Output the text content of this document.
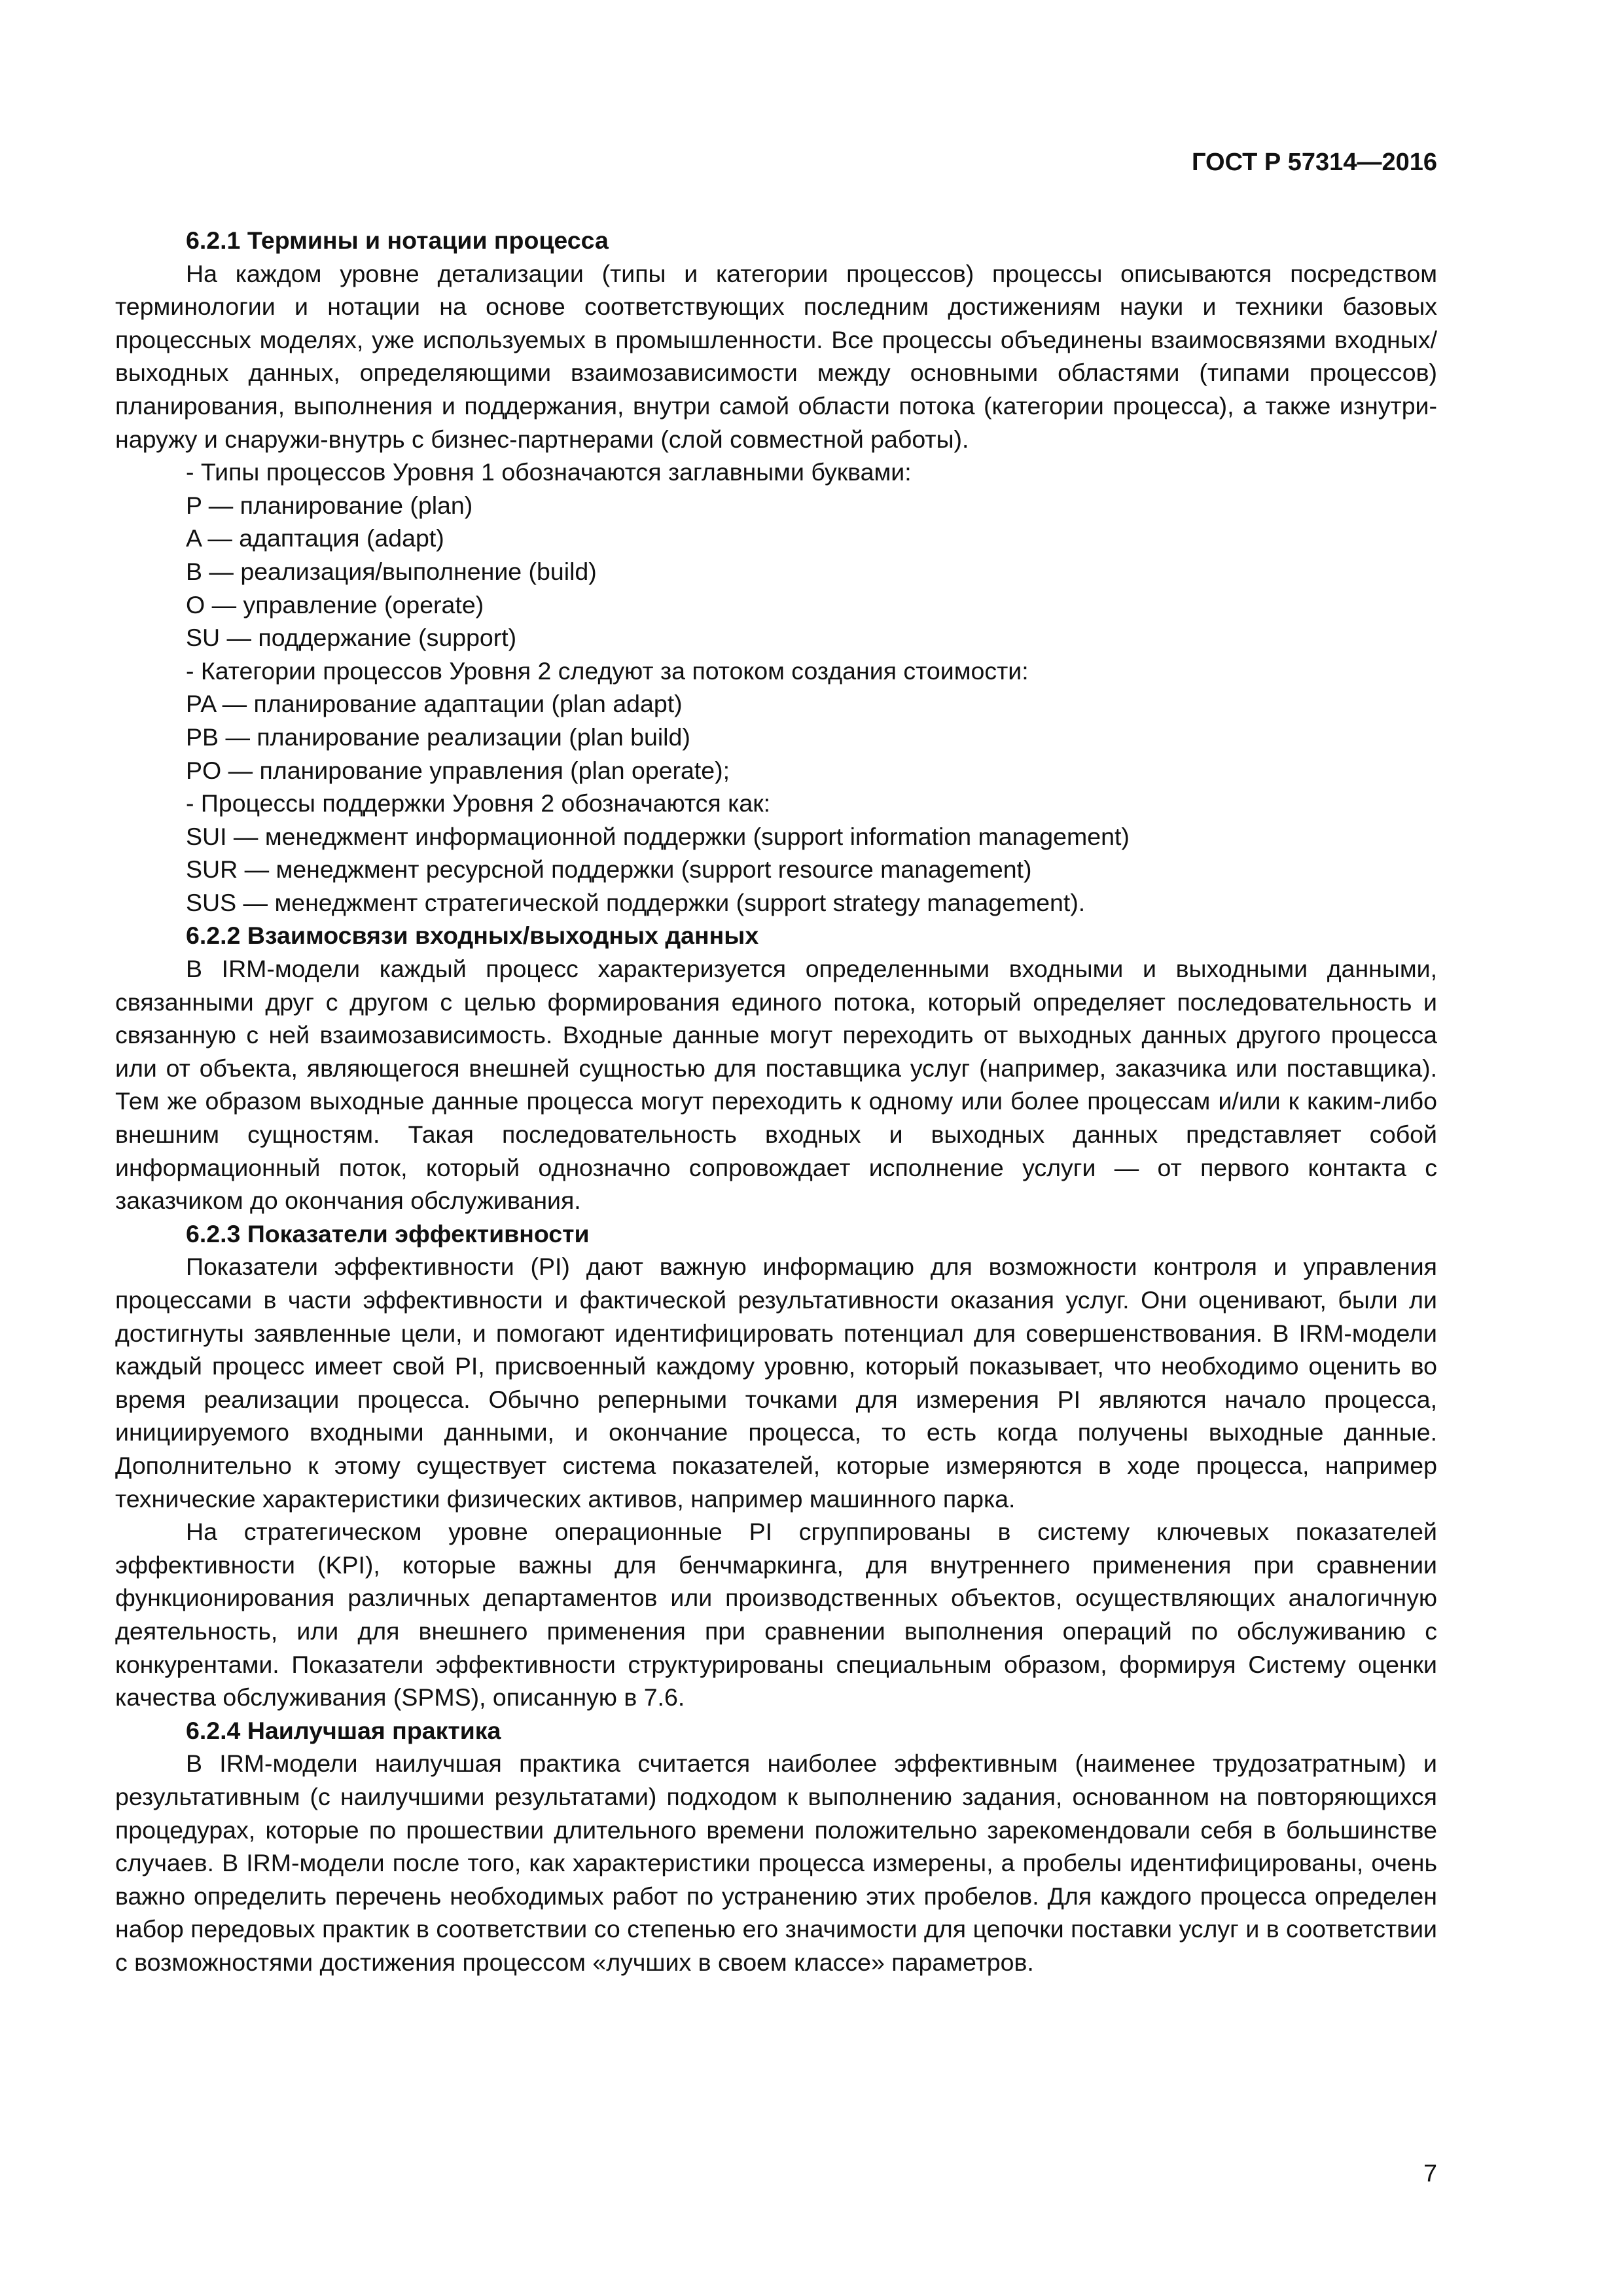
ГОСТ Р 57314—2016

6.2.1 Термины и нотации процесса

На каждом уровне детализации (типы и категории процессов) процессы описываются посредством терминологии и нотации на основе соответствующих последним достижениям науки и техники базовых процессных моделях, уже используемых в промышленности. Все процессы объединены взаимосвязями входных/выходных данных, определяющими взаимозависимости между основными областями (типами процессов) планирования, выполнения и поддержания, внутри самой области потока (категории процесса), а также изнутри-наружу и снаружи-внутрь с бизнес-партнерами (слой совместной работы).

- Типы процессов Уровня 1 обозначаются заглавными буквами:

P — планирование (plan)

A — адаптация (adapt)

B — реализация/выполнение (build)

O — управление (operate)

SU — поддержание (support)

- Категории процессов Уровня 2 следуют за потоком создания стоимости:

PA — планирование адаптации (plan adapt)

PB — планирование реализации (plan build)

PO — планирование управления (plan operate);

- Процессы поддержки Уровня 2 обозначаются как:

SUI — менеджмент информационной поддержки (support information management)

SUR — менеджмент ресурсной поддержки (support resource management)

SUS — менеджмент стратегической поддержки (support strategy management).

6.2.2 Взаимосвязи входных/выходных данных

В IRM-модели каждый процесс характеризуется определенными входными и выходными данными, связанными друг с другом с целью формирования единого потока, который определяет последовательность и связанную с ней взаимозависимость. Входные данные могут переходить от выходных данных другого процесса или от объекта, являющегося внешней сущностью для поставщика услуг (например, заказчика или поставщика). Тем же образом выходные данные процесса могут переходить к одному или более процессам и/или к каким-либо внешним сущностям. Такая последовательность входных и выходных данных представляет собой информационный поток, который однозначно сопровождает исполнение услуги — от первого контакта с заказчиком до окончания обслуживания.

6.2.3 Показатели эффективности

Показатели эффективности (PI) дают важную информацию для возможности контроля и управления процессами в части эффективности и фактической результативности оказания услуг. Они оценивают, были ли достигнуты заявленные цели, и помогают идентифицировать потенциал для совершенствования. В IRM-модели каждый процесс имеет свой PI, присвоенный каждому уровню, который показывает, что необходимо оценить во время реализации процесса. Обычно реперными точками для измерения PI являются начало процесса, инициируемого входными данными, и окончание процесса, то есть когда получены выходные данные. Дополнительно к этому существует система показателей, которые измеряются в ходе процесса, например технические характеристики физических активов, например машинного парка.

На стратегическом уровне операционные PI сгруппированы в систему ключевых показателей эффективности (KPI), которые важны для бенчмаркинга, для внутреннего применения при сравнении функционирования различных департаментов или производственных объектов, осуществляющих аналогичную деятельность, или для внешнего применения при сравнении выполнения операций по обслуживанию с конкурентами. Показатели эффективности структурированы специальным образом, формируя Систему оценки качества обслуживания (SPMS), описанную в 7.6.

6.2.4 Наилучшая практика

В IRM-модели наилучшая практика считается наиболее эффективным (наименее трудозатратным) и результативным (с наилучшими результатами) подходом к выполнению задания, основанном на повторяющихся процедурах, которые по прошествии длительного времени положительно зарекомендовали себя в большинстве случаев. В IRM-модели после того, как характеристики процесса измерены, а пробелы идентифицированы, очень важно определить перечень необходимых работ по устранению этих пробелов. Для каждого процесса определен набор передовых практик в соответствии со степенью его значимости для цепочки поставки услуг и в соответствии с возможностями достижения процессом «лучших в своем классе» параметров.

7
